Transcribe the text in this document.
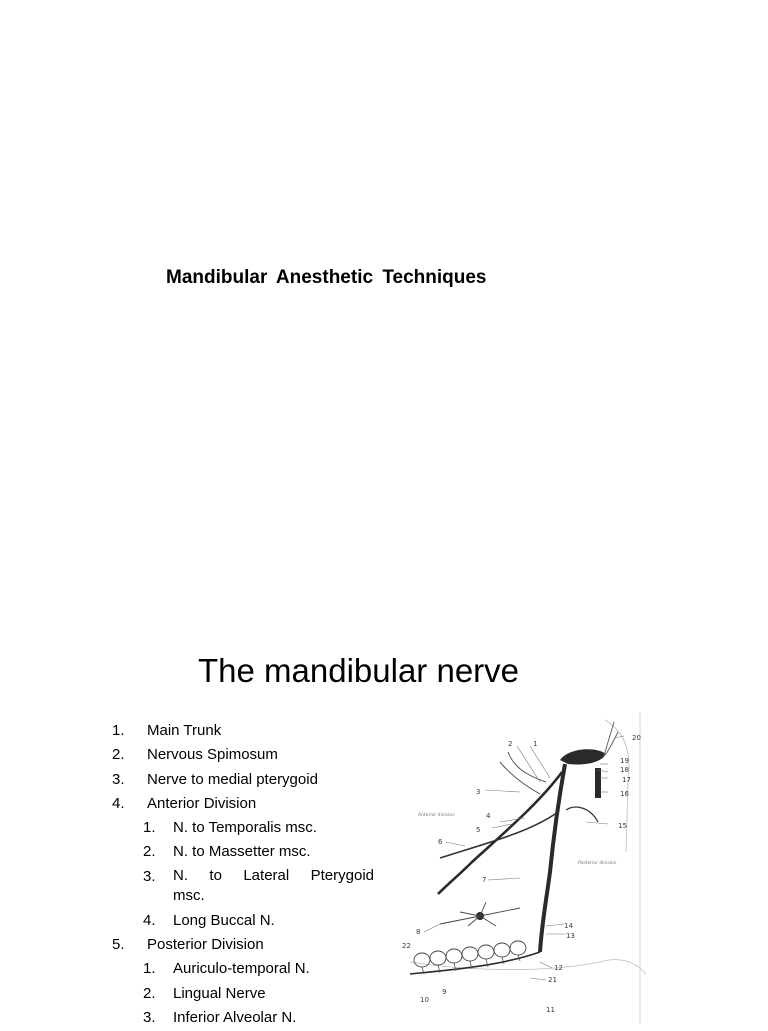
Mandibular Anesthetic Techniques
The mandibular nerve
1. Main Trunk
2. Nervous Spimosum
3. Nerve to medial pterygoid
4. Anterior Division
1. N. to Temporalis msc.
2. N. to Massetter msc.
3. N. to Lateral Pterygoid
msc.
4. Long Buccal N.
5. Posterior Division
1. Auriculo-temporal N.
2. Lingual Nerve
3. Inferior Alveolar N.
1
2
3
4
5
6
7
8
9
10
11
12
13
14
15
16
17
18
19
20
21
22
Anterior division
Posterior division
